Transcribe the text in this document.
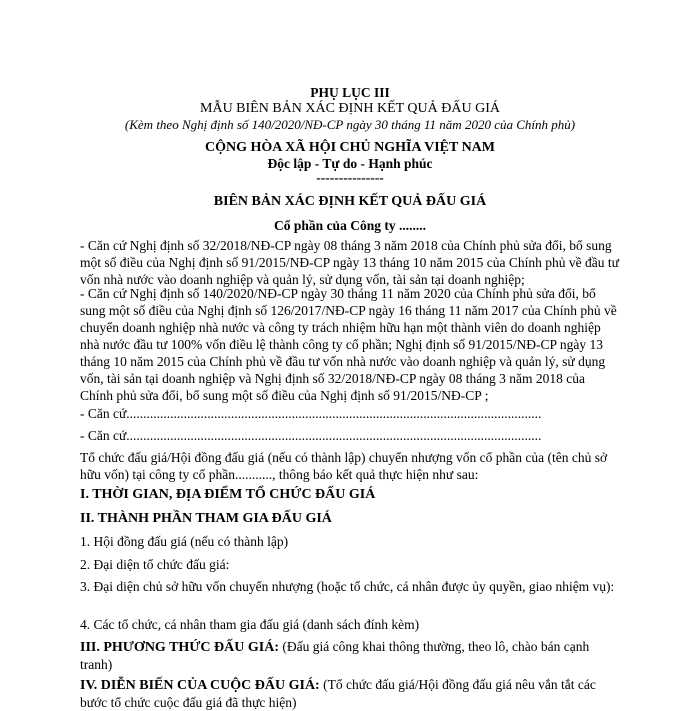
PHỤ LỤC III
MẪU BIÊN BẢN XÁC ĐỊNH KẾT QUẢ ĐẤU GIÁ
(Kèm theo Nghị định số 140/2020/NĐ-CP ngày 30 tháng 11 năm 2020 của Chính phủ)
CỘNG HÒA XÃ HỘI CHỦ NGHĨA VIỆT NAM
Độc lập - Tự do - Hạnh phúc
---------------
BIÊN BẢN XÁC ĐỊNH KẾT QUẢ ĐẤU GIÁ
Cổ phần của Công ty ........
- Căn cứ Nghị định số 32/2018/NĐ-CP ngày 08 tháng 3 năm 2018 của Chính phủ sửa đổi, bổ sung một số điều của Nghị định số 91/2015/NĐ-CP ngày 13 tháng 10 năm 2015 của Chính phủ về đầu tư vốn nhà nước vào doanh nghiệp và quản lý, sử dụng vốn, tài sản tại doanh nghiệp;
- Căn cứ Nghị định số 140/2020/NĐ-CP ngày 30 tháng 11 năm 2020 của Chính phủ sửa đổi, bổ sung một số điều của Nghị định số 126/2017/NĐ-CP ngày 16 tháng 11 năm 2017 của Chính phủ về chuyển doanh nghiệp nhà nước và công ty trách nhiệm hữu hạn một thành viên do doanh nghiệp nhà nước đầu tư 100% vốn điều lệ thành công ty cổ phần; Nghị định số 91/2015/NĐ-CP ngày 13 tháng 10 năm 2015 của Chính phủ về đầu tư vốn nhà nước vào doanh nghiệp và quản lý, sử dụng vốn, tài sản tại doanh nghiệp và Nghị định số 32/2018/NĐ-CP ngày 08 tháng 3 năm 2018 của Chính phủ sửa đổi, bổ sung một số điều của Nghị định số 91/2015/NĐ-CP ;
- Căn cứ...........................................................................................................................
- Căn cứ...........................................................................................................................
Tổ chức đấu giá/Hội đồng đấu giá (nếu có thành lập) chuyển nhượng vốn cổ phần của (tên chủ sở hữu vốn) tại công ty cổ phần..........., thông báo kết quả thực hiện như sau:
I. THỜI GIAN, ĐỊA ĐIỂM TỔ CHỨC ĐẤU GIÁ
II. THÀNH PHẦN THAM GIA ĐẤU GIÁ
1. Hội đồng đấu giá (nếu có thành lập)
2. Đại diện tổ chức đấu giá:
3. Đại diện chủ sở hữu vốn chuyển nhượng (hoặc tổ chức, cá nhân được ủy quyền, giao nhiệm vụ):
4. Các tổ chức, cá nhân tham gia đấu giá (danh sách đính kèm)
III. PHƯƠNG THỨC ĐẤU GIÁ: (Đấu giá công khai thông thường, theo lô, chào bán cạnh tranh)
IV. DIỄN BIẾN CỦA CUỘC ĐẤU GIÁ: (Tổ chức đấu giá/Hội đồng đấu giá nêu vắn tắt các bước tổ chức cuộc đấu giá đã thực hiện)
